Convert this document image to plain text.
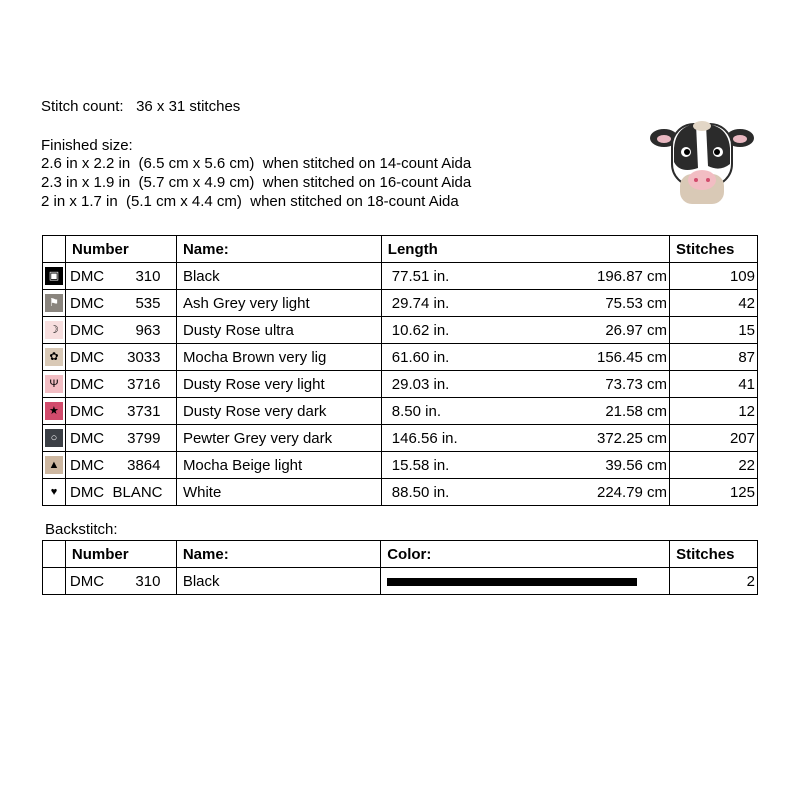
Stitch count: 36 x 31 stitches
Finished size:
2.6 in x 2.2 in  (6.5 cm x 5.6 cm)  when stitched on 14-count Aida
2.3 in x 1.9 in  (5.7 cm x 4.9 cm)  when stitched on 16-count Aida
2 in x 1.7 in  (5.1 cm x 4.4 cm)  when stitched on 18-count Aida
	Number	Name:	Length	Stitches
▣	DMC 310	Black	77.51 in. 196.87 cm	109
⚑	DMC 535	Ash Grey very light	29.74 in. 75.53 cm	42
☽	DMC 963	Dusty Rose ultra	10.62 in. 26.97 cm	15
✿	DMC 3033	Mocha Brown very lig	61.60 in. 156.45 cm	87
Ψ	DMC 3716	Dusty Rose very light	29.03 in. 73.73 cm	41
★	DMC 3731	Dusty Rose very dark	8.50 in. 21.58 cm	12
○	DMC 3799	Pewter Grey very dark	146.56 in. 372.25 cm	207
▲	DMC 3864	Mocha Beige light	15.58 in. 39.56 cm	22
♥	DMC BLANC	White	88.50 in. 224.79 cm	125
Backstitch:
	Number	Name:	Color:	Stitches
	DMC 310	Black		2
